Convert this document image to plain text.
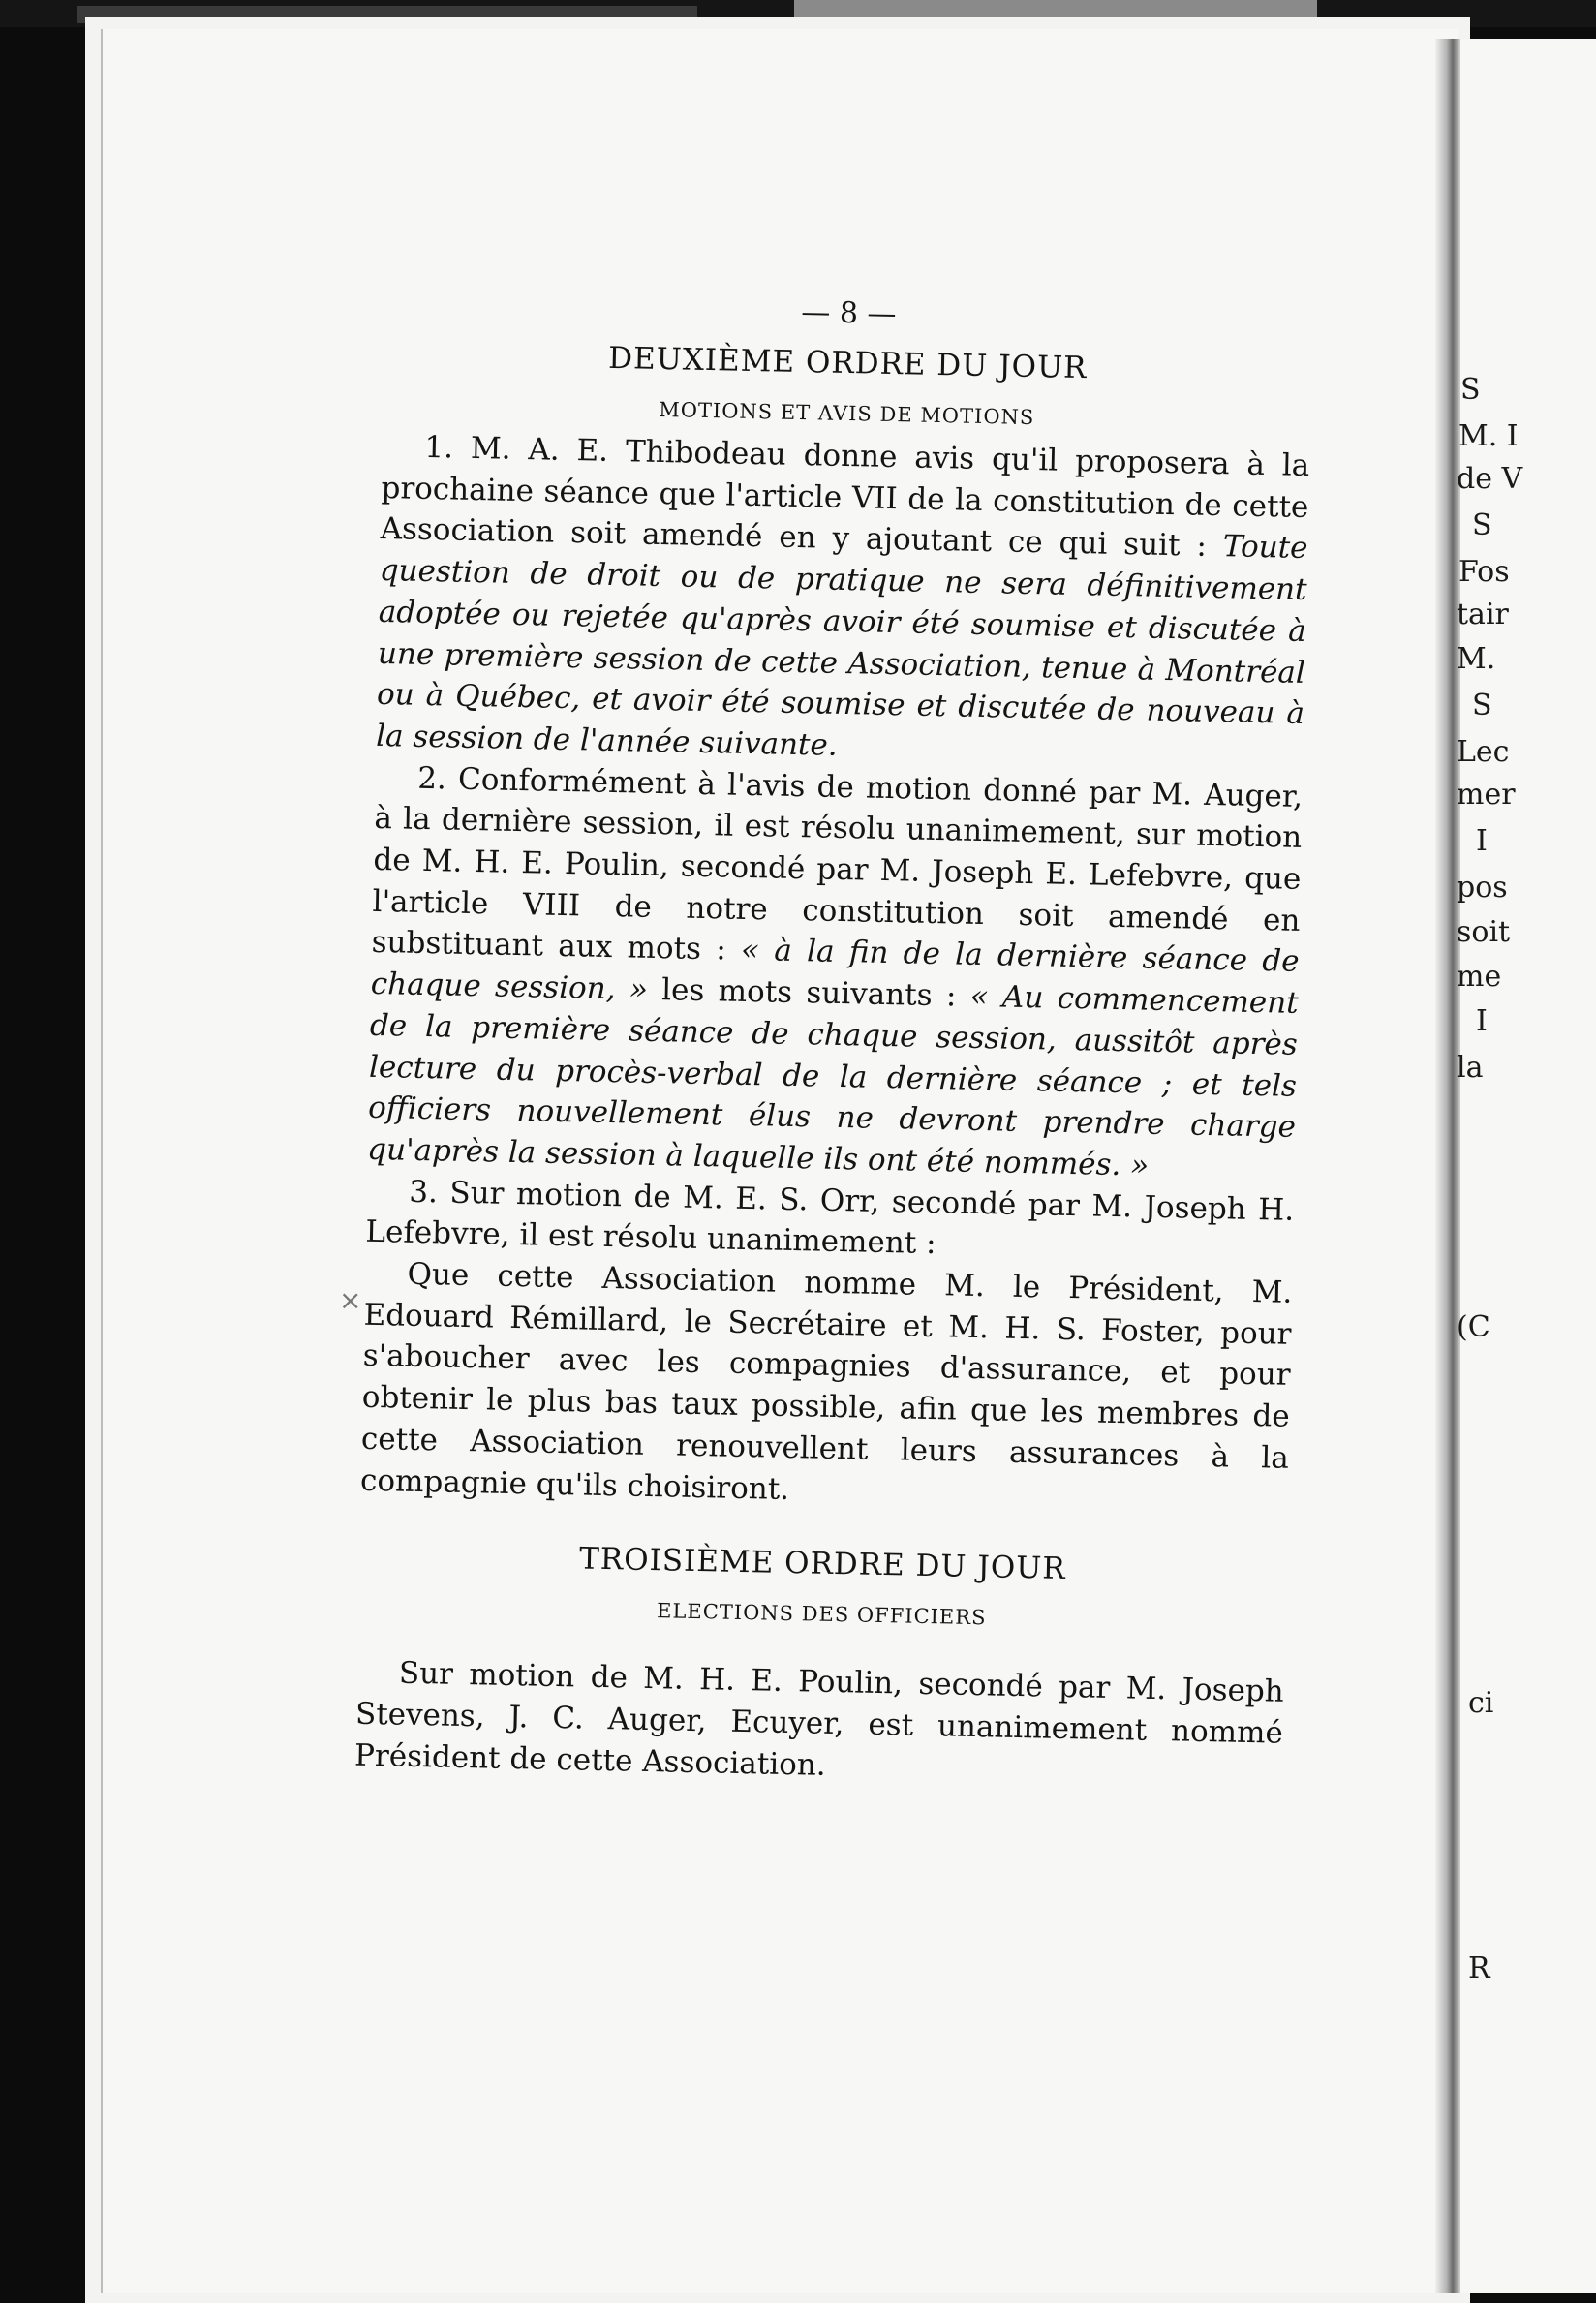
S
M. I
de V
S
Fos
tair
M.
S
Lec
mer
I
pos
soit
me
I
la
(C
ci
R
×
— 8 —
DEUXIÈME ORDRE DU JOUR
MOTIONS ET AVIS DE MOTIONS
1. M. A. E. Thibodeau donne avis qu'il proposera à la prochaine séance que l'article VII de la constitution de cette Association soit amendé en y ajoutant ce qui suit : Toute question de droit ou de pratique ne sera définitivement adoptée ou rejetée qu'après avoir été soumise et discutée à une première session de cette Association, tenue à Montréal ou à Québec, et avoir été soumise et discutée de nouveau à la session de l'année suivante.
2. Conformément à l'avis de motion donné par M. Auger, à la dernière session, il est résolu unanimement, sur motion de M. H. E. Poulin, secondé par M. Joseph E. Lefebvre, que l'article VIII de notre constitution soit amendé en substituant aux mots : « à la fin de la dernière séance de chaque session, » les mots suivants : « Au commencement de la première séance de chaque session, aussitôt après lecture du procès-verbal de la dernière séance ; et tels officiers nouvellement élus ne devront prendre charge qu'après la session à laquelle ils ont été nommés. »
3. Sur motion de M. E. S. Orr, secondé par M. Joseph H. Lefebvre, il est résolu unanimement :
Que cette Association nomme M. le Président, M. Edouard Rémillard, le Secrétaire et M. H. S. Foster, pour s'aboucher avec les compagnies d'assurance, et pour obtenir le plus bas taux possible, afin que les membres de cette Association renouvellent leurs assurances à la compagnie qu'ils choisiront.
TROISIÈME ORDRE DU JOUR
ELECTIONS DES OFFICIERS
Sur motion de M. H. E. Poulin, secondé par M. Joseph Stevens, J. C. Auger, Ecuyer, est unanimement nommé Président de cette Association.
